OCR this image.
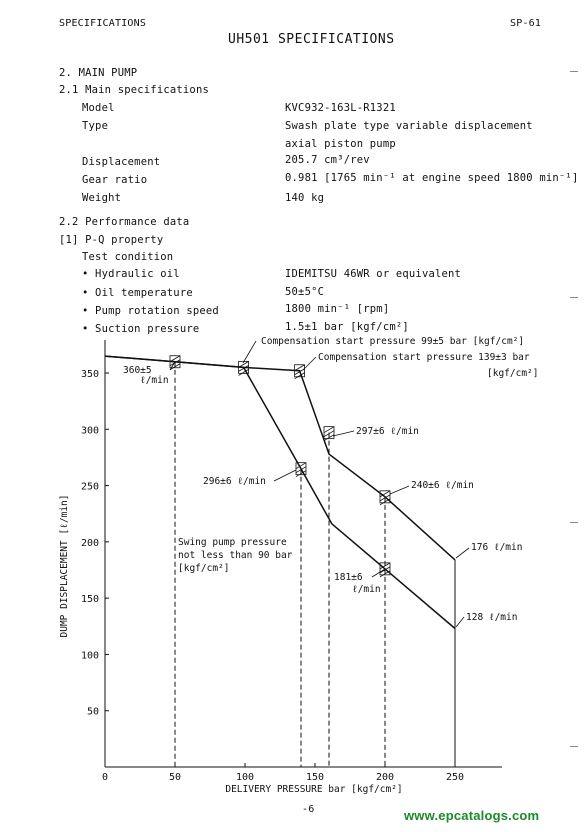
SPECIFICATIONS	SP-61
UH501 SPECIFICATIONS
2. MAIN PUMP
2.1 Main specifications
Model	KVC932-163L-R1321
Type	Swash plate type variable displacement
axial piston pump
Displacement	205.7 cm³/rev
Gear ratio	0.981 [1765 min⁻¹ at engine speed 1800 min⁻¹]
Weight	140 kg
2.2 Performance data
[1] P-Q property
Test condition
• Hydraulic oil	IDEMITSU 46WR or equivalent
• Oil temperature	50±5°C
• Pump rotation speed	1800 min⁻¹ [rpm]
• Suction pressure	1.5±1 bar [kgf/cm²]
50
100
150
200
250
300
350
0	50	100	150	200	250
DELIVERY PRESSURE bar [kgf/cm²]
DUMP DISPLACEMENT [ℓ/min]
Compensation start pressure 99±5 bar [kgf/cm²]
Compensation start pressure 139±3 bar
[kgf/cm²]
360±5
ℓ/min
297±6 ℓ/min
296±6 ℓ/min	240±6 ℓ/min
Swing pump pressure
not less than 90 bar
[kgf/cm²]
176 ℓ/min
181±6
ℓ/min
128 ℓ/min
-6	www.epcatalogs.com
